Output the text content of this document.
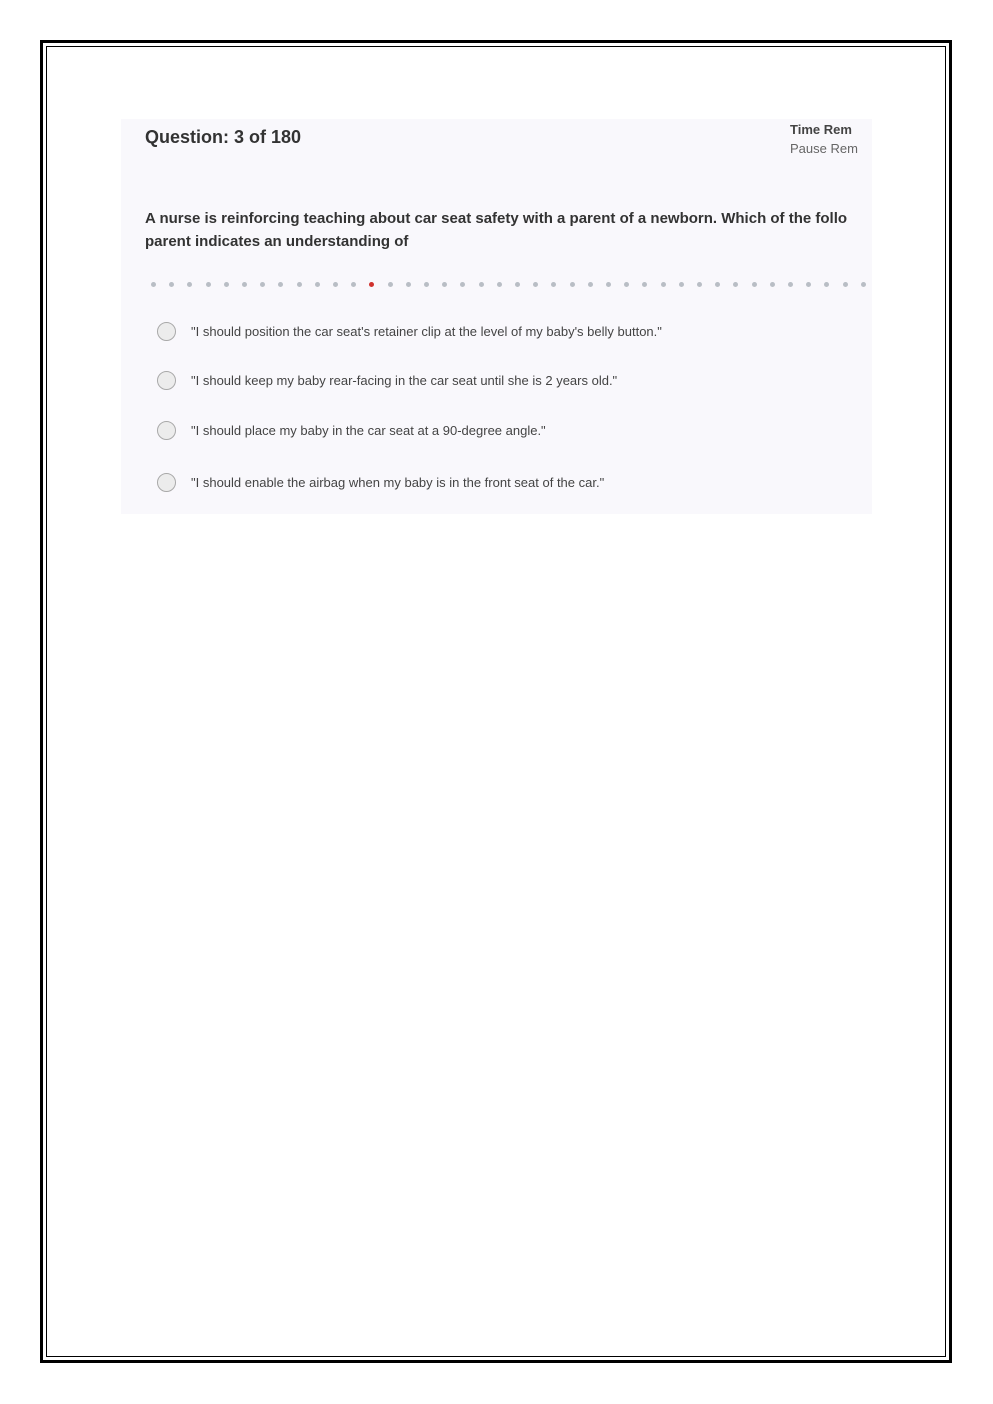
Question: 3 of 180	Time Rem
Pause Rem
A nurse is reinforcing teaching about car seat safety with a parent of a newborn. Which of the follo
parent indicates an understanding of
"I should position the car seat's retainer clip at the level of my baby's belly button."
"I should keep my baby rear-facing in the car seat until she is 2 years old."
"I should place my baby in the car seat at a 90-degree angle."
"I should enable the airbag when my baby is in the front seat of the car."
